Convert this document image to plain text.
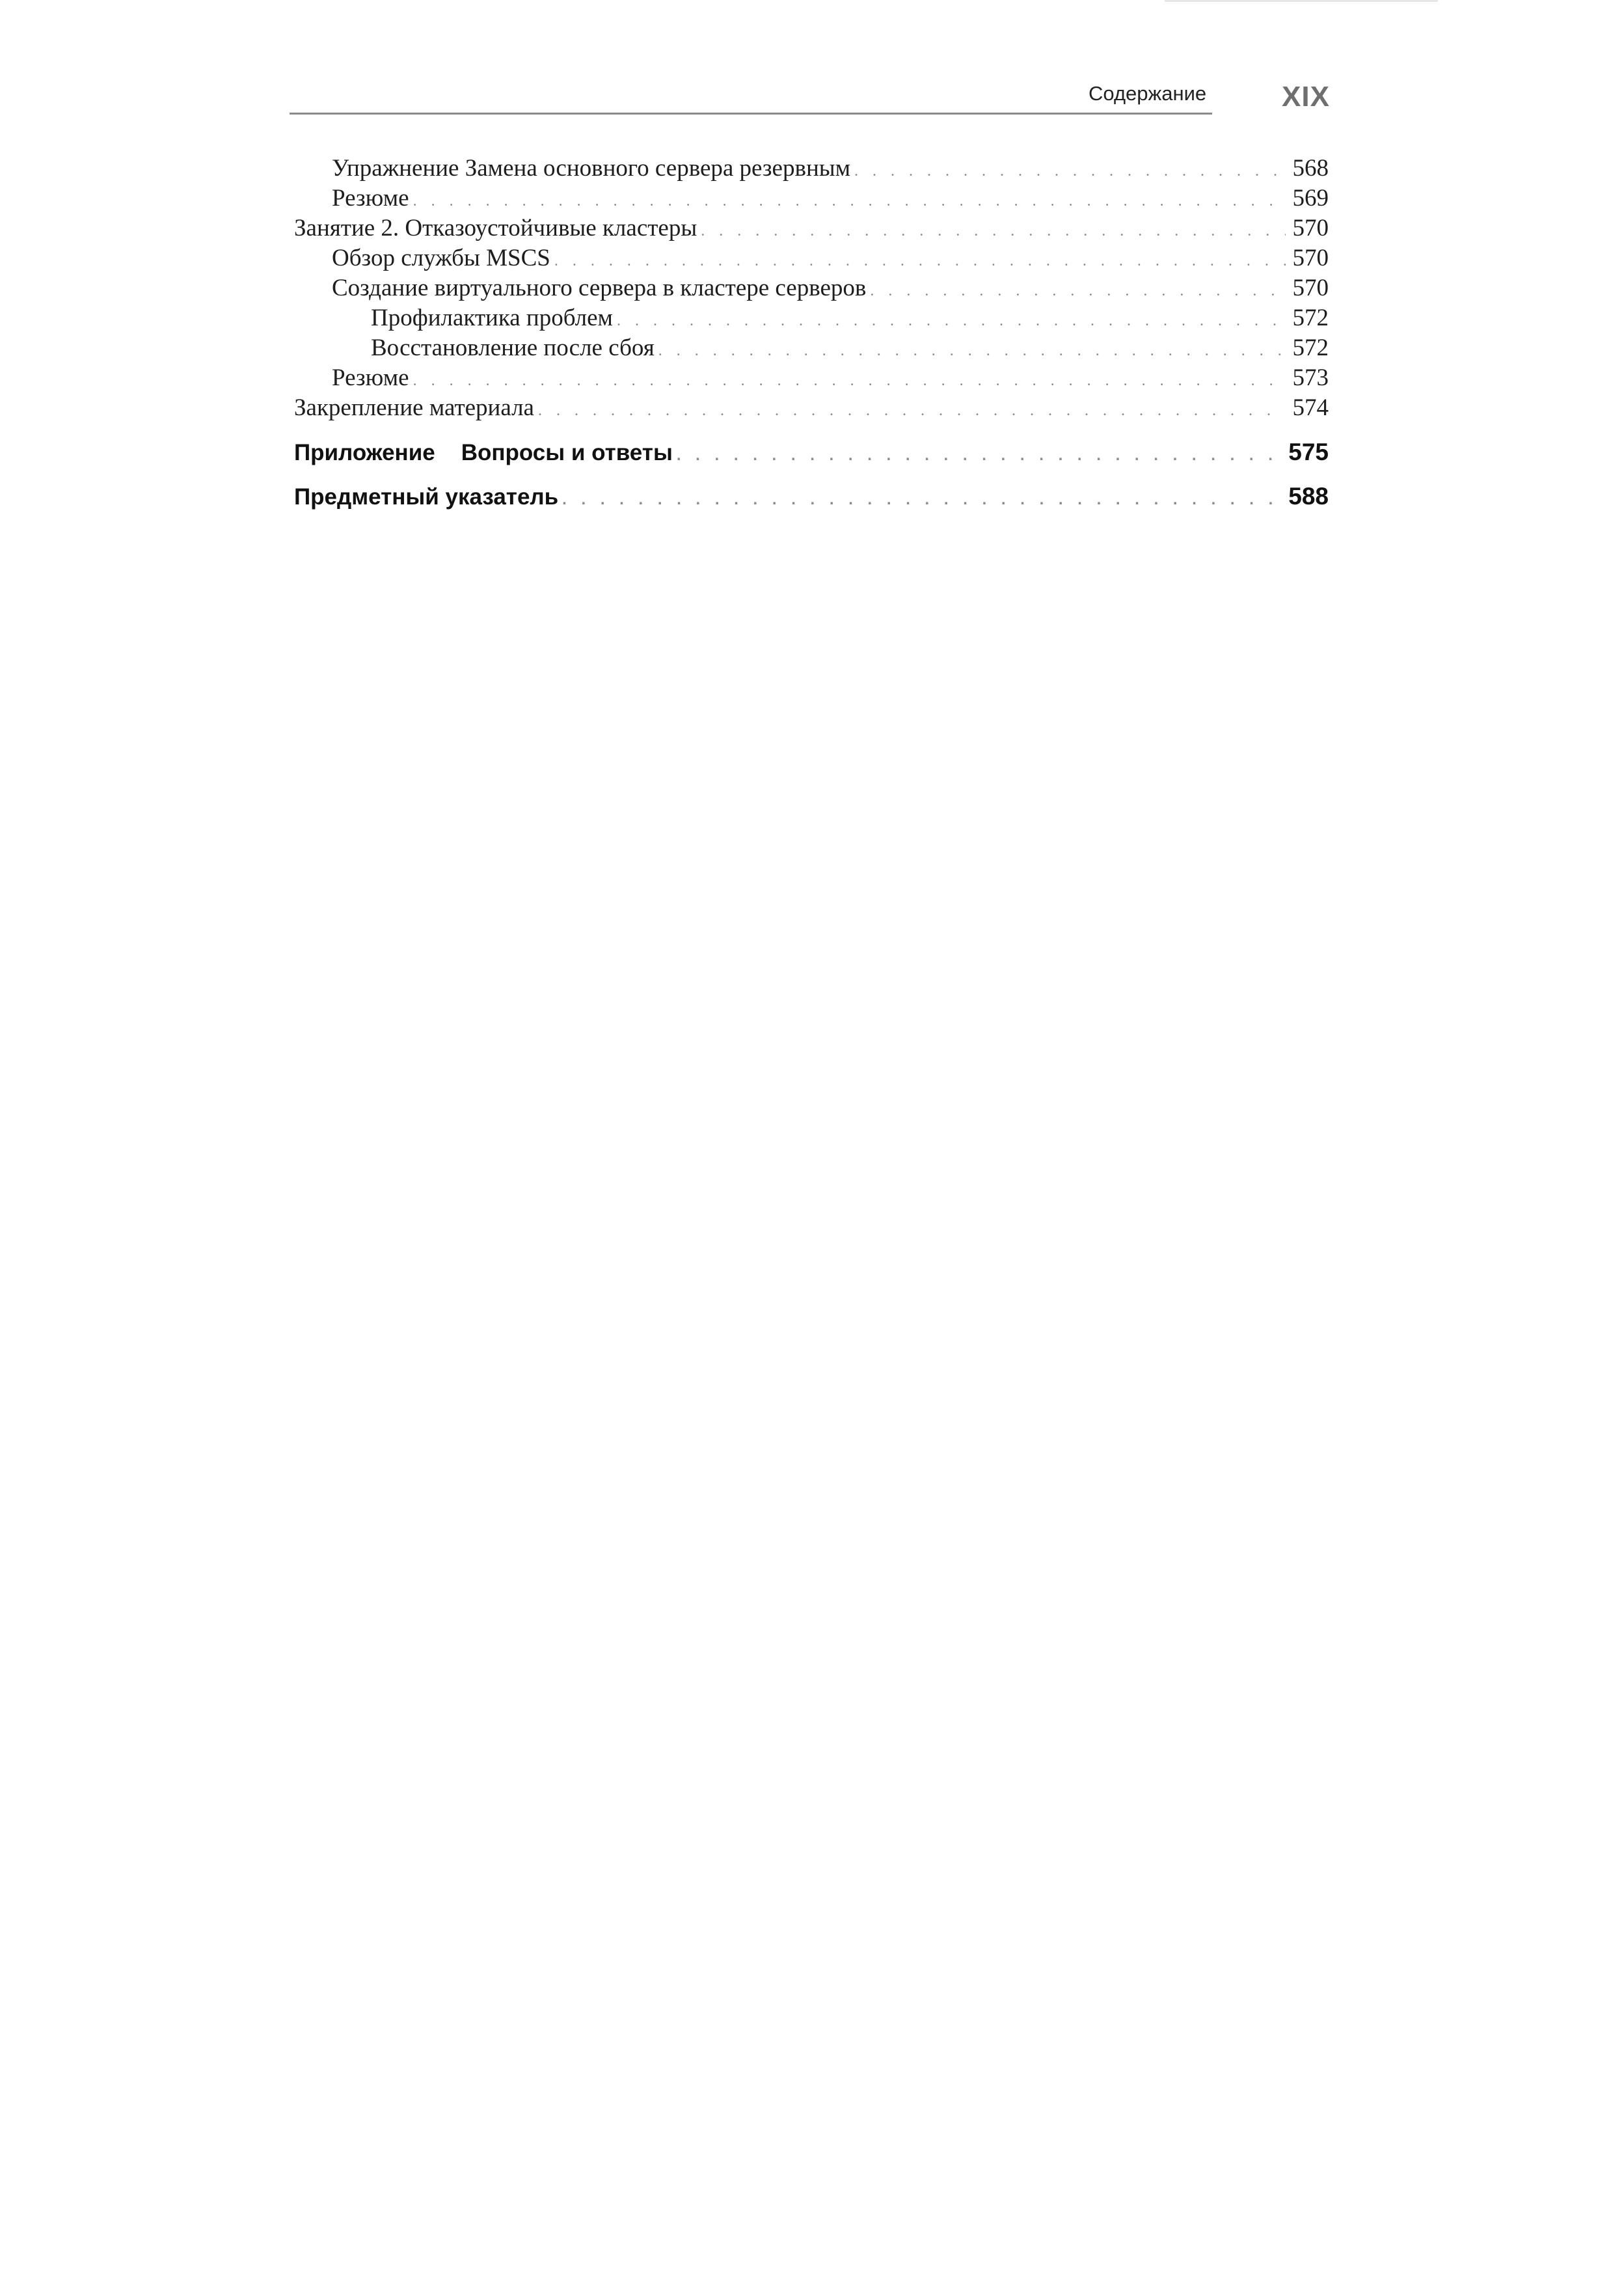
Содержание	XIX
Упражнение Замена основного сервера резервным . . .	568
Резюме . . .	569
Занятие 2. Отказоустойчивые кластеры . . .	570
Обзор службы MSCS . . .	570
Создание виртуального сервера в кластере серверов . . .	570
Профилактика проблем . . .	572
Восстановление после сбоя . . .	572
Резюме . . .	573
Закрепление материала . . .	574
Приложение Вопросы и ответы . . .	575
Предметный указатель . . .	588
